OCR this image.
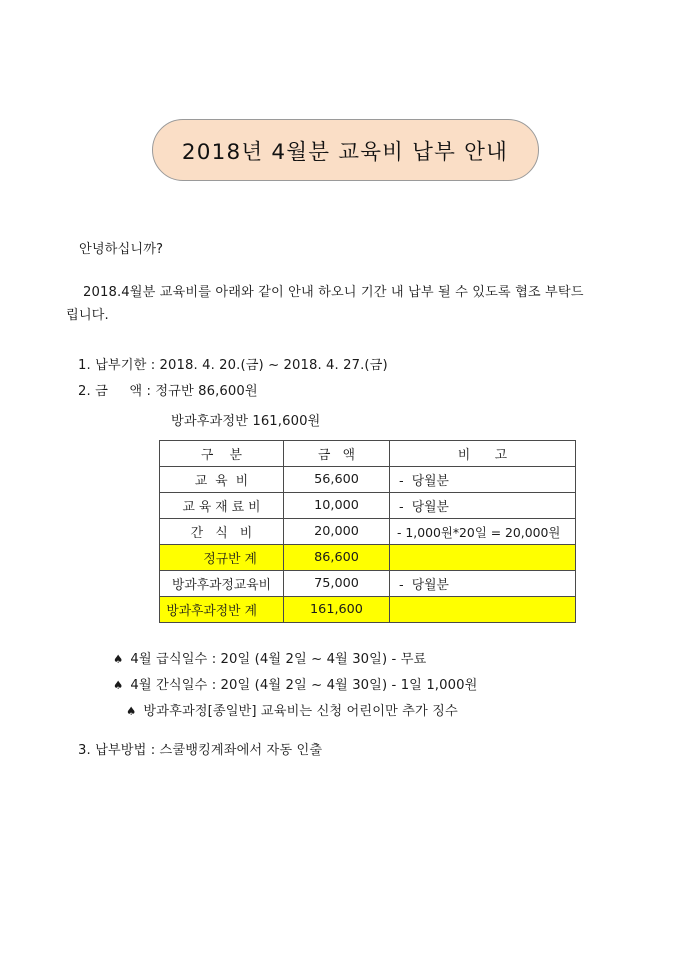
2018년 4월분 교육비 납부 안내
안녕하십니까?
2018.4월분 교육비를 아래와 같이 안내 하오니 기간 내 납부 될 수 있도록 협조 부탁드립니다.
1. 납부기한 : 2018. 4. 20.(금) ~ 2018. 4. 27.(금)
2. 금     액 : 정규반 86,600원
방과후과정반 161,600원
구    분	금   액	비      고
교  육  비	56,600	-  당월분
교 육 재 료 비	10,000	-  당월분
간   식   비	20,000	- 1,000원*20일 = 20,000원
정규반 계	86,600	
방과후과정교육비	75,000	-  당월분
방과후과정반 계	161,600	
♠ 4월 급식일수 : 20일 (4월 2일 ~ 4월 30일) - 무료
♠ 4월 간식일수 : 20일 (4월 2일 ~ 4월 30일) - 1일 1,000원
♠ 방과후과정[종일반] 교육비는 신청 어린이만 추가 징수
3. 납부방법 : 스쿨뱅킹계좌에서 자동 인출
